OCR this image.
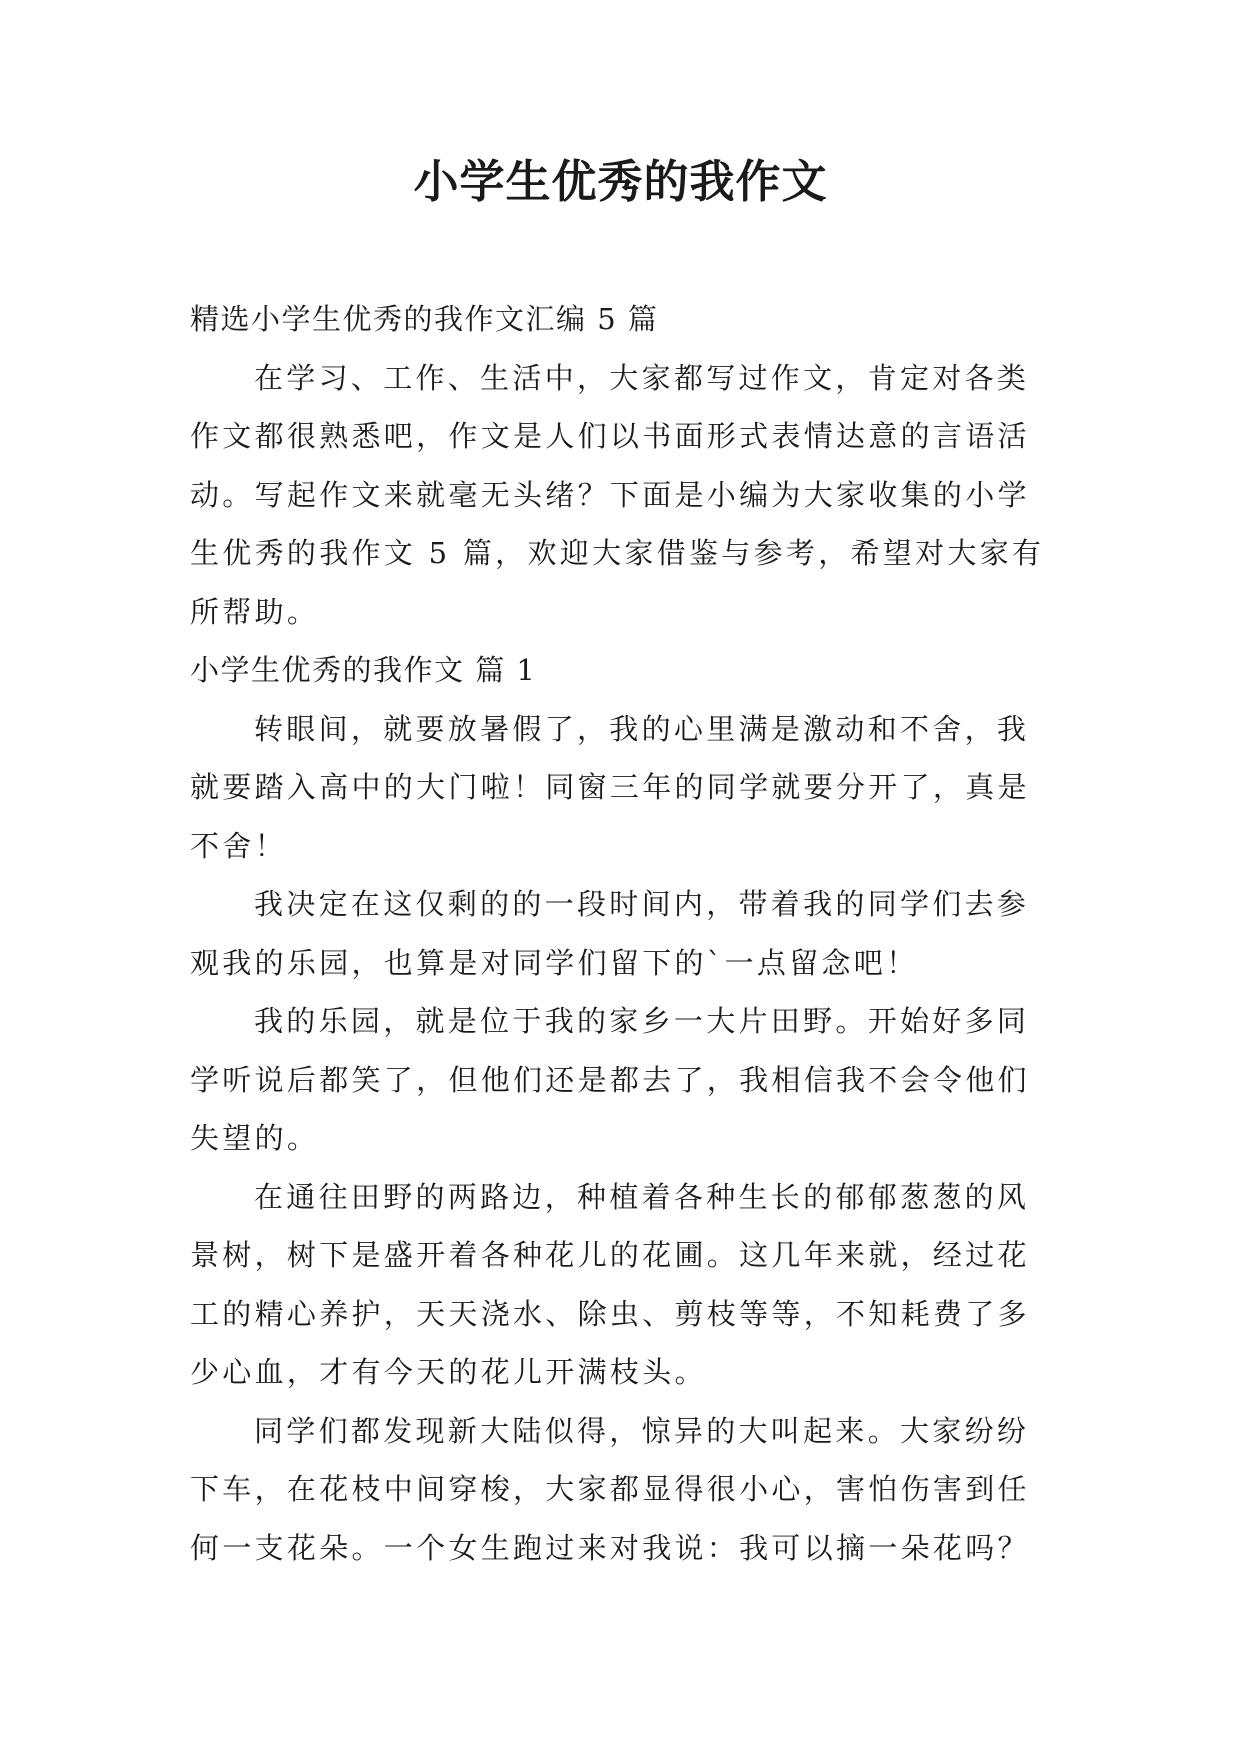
小学生优秀的我作文

精选小学生优秀的我作文汇编 5 篇

在学习、工作、生活中，大家都写过作文，肯定对各类

作文都很熟悉吧，作文是人们以书面形式表情达意的言语活

动。写起作文来就毫无头绪？下面是小编为大家收集的小学

生优秀的我作文 5 篇，欢迎大家借鉴与参考，希望对大家有

所帮助。

小学生优秀的我作文 篇 1

转眼间，就要放暑假了，我的心里满是激动和不舍，我

就要踏入高中的大门啦！同窗三年的同学就要分开了，真是

不舍！

我决定在这仅剩的的一段时间内，带着我的同学们去参

观我的乐园，也算是对同学们留下的`一点留念吧！

我的乐园，就是位于我的家乡一大片田野。开始好多同

学听说后都笑了，但他们还是都去了，我相信我不会令他们

失望的。

在通往田野的两路边，种植着各种生长的郁郁葱葱的风

景树，树下是盛开着各种花儿的花圃。这几年来就，经过花

工的精心养护，天天浇水、除虫、剪枝等等，不知耗费了多

少心血，才有今天的花儿开满枝头。

同学们都发现新大陆似得，惊异的大叫起来。大家纷纷

下车，在花枝中间穿梭，大家都显得很小心，害怕伤害到任

何一支花朵。一个女生跑过来对我说：我可以摘一朵花吗？
